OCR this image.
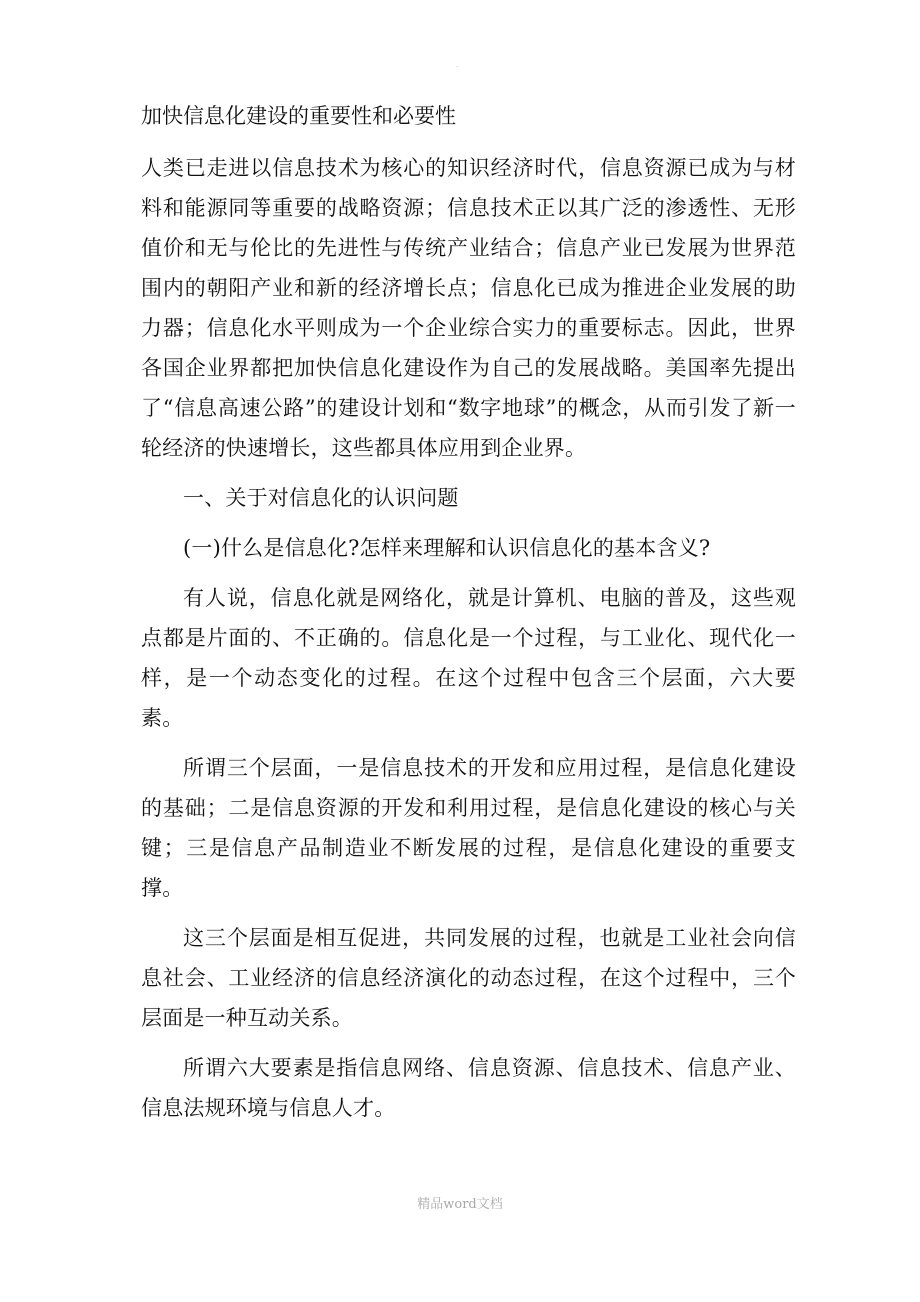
.
加快信息化建设的重要性和必要性

人类已走进以信息技术为核心的知识经济时代，信息资源已成为与材料和能源同等重要的战略资源；信息技术正以其广泛的渗透性、无形值价和无与伦比的先进性与传统产业结合；信息产业已发展为世界范围内的朝阳产业和新的经济增长点；信息化已成为推进企业发展的助力器；信息化水平则成为一个企业综合实力的重要标志。因此，世界各国企业界都把加快信息化建设作为自己的发展战略。美国率先提出了“信息高速公路”的建设计划和“数字地球”的概念，从而引发了新一轮经济的快速增长，这些都具体应用到企业界。

一、关于对信息化的认识问题

(一)什么是信息化?怎样来理解和认识信息化的基本含义?

有人说，信息化就是网络化，就是计算机、电脑的普及，这些观点都是片面的、不正确的。信息化是一个过程，与工业化、现代化一样，是一个动态变化的过程。在这个过程中包含三个层面，六大要素。

所谓三个层面，一是信息技术的开发和应用过程，是信息化建设的基础；二是信息资源的开发和利用过程，是信息化建设的核心与关键；三是信息产品制造业不断发展的过程，是信息化建设的重要支撑。

这三个层面是相互促进，共同发展的过程，也就是工业社会向信息社会、工业经济的信息经济演化的动态过程，在这个过程中，三个层面是一种互动关系。

所谓六大要素是指信息网络、信息资源、信息技术、信息产业、信息法规环境与信息人才。

精品word文档
